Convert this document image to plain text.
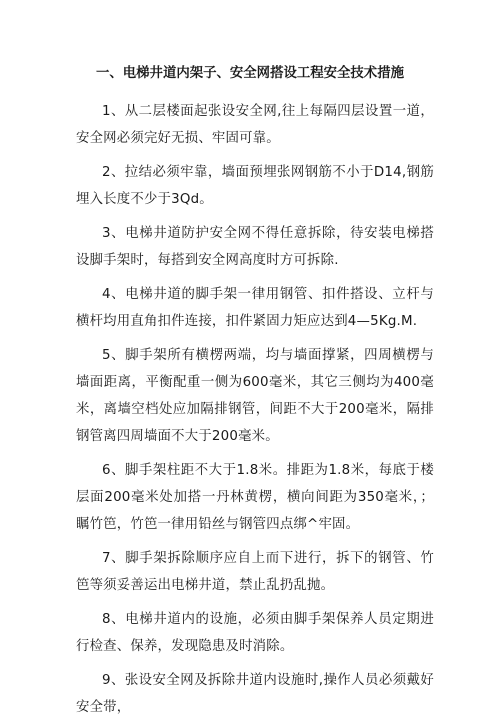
一、电梯井道内架子、安全网搭设工程安全技术措施

1、从二层楼面起张设安全网,往上每隔四层设置一道，安全网必须完好无损、牢固可靠。

2、拉结必须牢靠，墙面预埋张网钢筋不小于D14,钢筋埋入长度不少于3Qd。

3、电梯井道防护安全网不得任意拆除，待安装电梯搭设脚手架时，每搭到安全网高度时方可拆除.

4、电梯井道的脚手架一律用钢管、扣件搭设、立杆与横杆均用直角扣件连接，扣件紧固力矩应达到4—5Kg.M.

5、脚手架所有横楞两端，均与墙面撑紧，四周横楞与墙面距离，平衡配重一侧为600毫米，其它三侧均为400毫米，离墙空档处应加隔排钢管，间距不大于200毫米，隔排钢管离四周墙面不大于200毫米。

6、脚手架柱距不大于1.8米。排距为1.8米，每底于楼层面200毫米处加搭一丹林黄楞，横向间距为350毫米，；瞩竹笆，竹笆一律用铅丝与钢管四点绑^牢固。

7、脚手架拆除顺序应自上而下进行，拆下的钢管、竹笆等须妥善运出电梯井道，禁止乱扔乱抛。

8、电梯井道内的设施，必须由脚手架保养人员定期进行检查、保养，发现隐患及时消除。

9、张设安全网及拆除井道内设施时,操作人员必须戴好安全带，
